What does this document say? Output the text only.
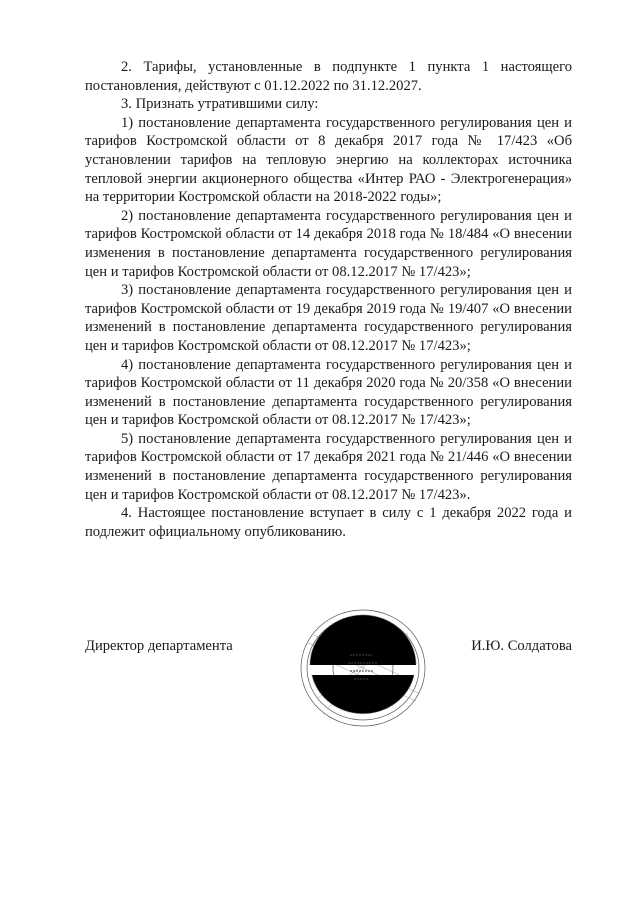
2. Тарифы, установленные в подпункте 1 пункта 1 настоящего постановления, действуют с 01.12.2022 по 31.12.2027.

3. Признать утратившими силу:

1) постановление департамента государственного регулирования цен и тарифов Костромской области от 8 декабря 2017 года № 17/423 «Об установлении тарифов на тепловую энергию на коллекторах источника тепловой энергии акционерного общества «Интер РАО - Электрогенерация» на территории Костромской области на 2018-2022 годы»;

2) постановление департамента государственного регулирования цен и тарифов Костромской области от 14 декабря 2018 года № 18/484 «О внесении изменения в постановление департамента государственного регулирования цен и тарифов Костромской области от 08.12.2017 № 17/423»;

3) постановление департамента государственного регулирования цен и тарифов Костромской области от 19 декабря 2019 года № 19/407 «О внесении изменений в постановление департамента государственного регулирования цен и тарифов Костромской области от 08.12.2017 № 17/423»;

4) постановление департамента государственного регулирования цен и тарифов Костромской области от 11 декабря 2020 года № 20/358 «О внесении изменений в постановление департамента государственного регулирования цен и тарифов Костромской области от 08.12.2017 № 17/423»;

5) постановление департамента государственного регулирования цен и тарифов Костромской области от 17 декабря 2021 года № 21/446 «О внесении изменений в постановление департамента государственного регулирования цен и тарифов Костромской области от 08.12.2017 № 17/423».

4. Настоящее постановление вступает в силу с 1 декабря 2022 года и подлежит официальному опубликованию.

Директор департамента	И.Ю. Солдатова
